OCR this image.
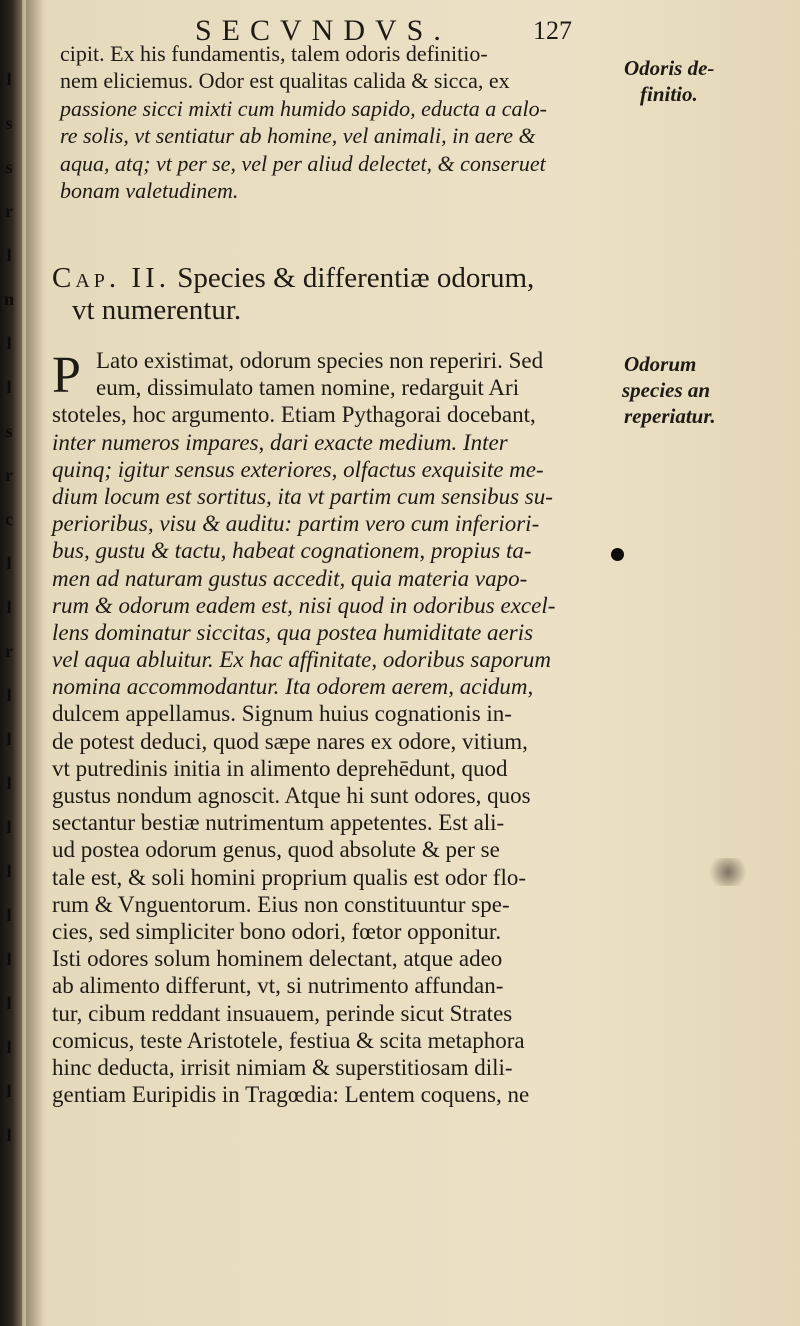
l
s
s
r
l
n
l
l
s
r
c
l
l
r
l
l
l
l
l
l
l
l
l
l
l
SECVNDVS.	127
cipit. Ex his fundamentis, talem odoris definitio-
nem eliciemus. Odor est qualitas calida & sicca, ex
passione sicci mixti cum humido sapido, educta a calo-
re solis, vt sentiatur ab homine, vel animali, in aere &
aqua, atq; vt per se, vel per aliud delectet, & conseruet
bonam valetudinem.
Cap. II. Species & differentiæ odorum,
vt numerentur.
P Lato existimat, odorum species non reperiri. Sed
eum, dissimulato tamen nomine, redarguit Ari
stoteles, hoc argumento. Etiam Pythagorai docebant,
inter numeros impares, dari exacte medium. Inter
quinq; igitur sensus exteriores, olfactus exquisite me-
dium locum est sortitus, ita vt partim cum sensibus su-
perioribus, visu & auditu: partim vero cum inferiori-
bus, gustu & tactu, habeat cognationem, propius ta-
men ad naturam gustus accedit, quia materia vapo-
rum & odorum eadem est, nisi quod in odoribus excel-
lens dominatur siccitas, qua postea humiditate aeris
vel aqua abluitur. Ex hac affinitate, odoribus saporum
nomina accommodantur. Ita odorem aerem, acidum,
dulcem appellamus. Signum huius cognationis in-
de potest deduci, quod sæpe nares ex odore, vitium,
vt putredinis initia in alimento deprehēdunt, quod
gustus nondum agnoscit. Atque hi sunt odores, quos
sectantur bestiæ nutrimentum appetentes. Est ali-
ud postea odorum genus, quod absolute & per se
tale est, & soli homini proprium qualis est odor flo-
rum & Vnguentorum. Eius non constituuntur spe-
cies, sed simpliciter bono odori, fœtor opponitur.
Isti odores solum hominem delectant, atque adeo
ab alimento differunt, vt, si nutrimento affundan-
tur, cibum reddant insuauem, perinde sicut Strates
comicus, teste Aristotele, festiua & scita metaphora
hinc deducta, irrisit nimiam & superstitiosam dili-
gentiam Euripidis in Tragœdia: Lentem coquens, ne
Odoris de-
finitio.
Odorum
species an
reperiatur.
